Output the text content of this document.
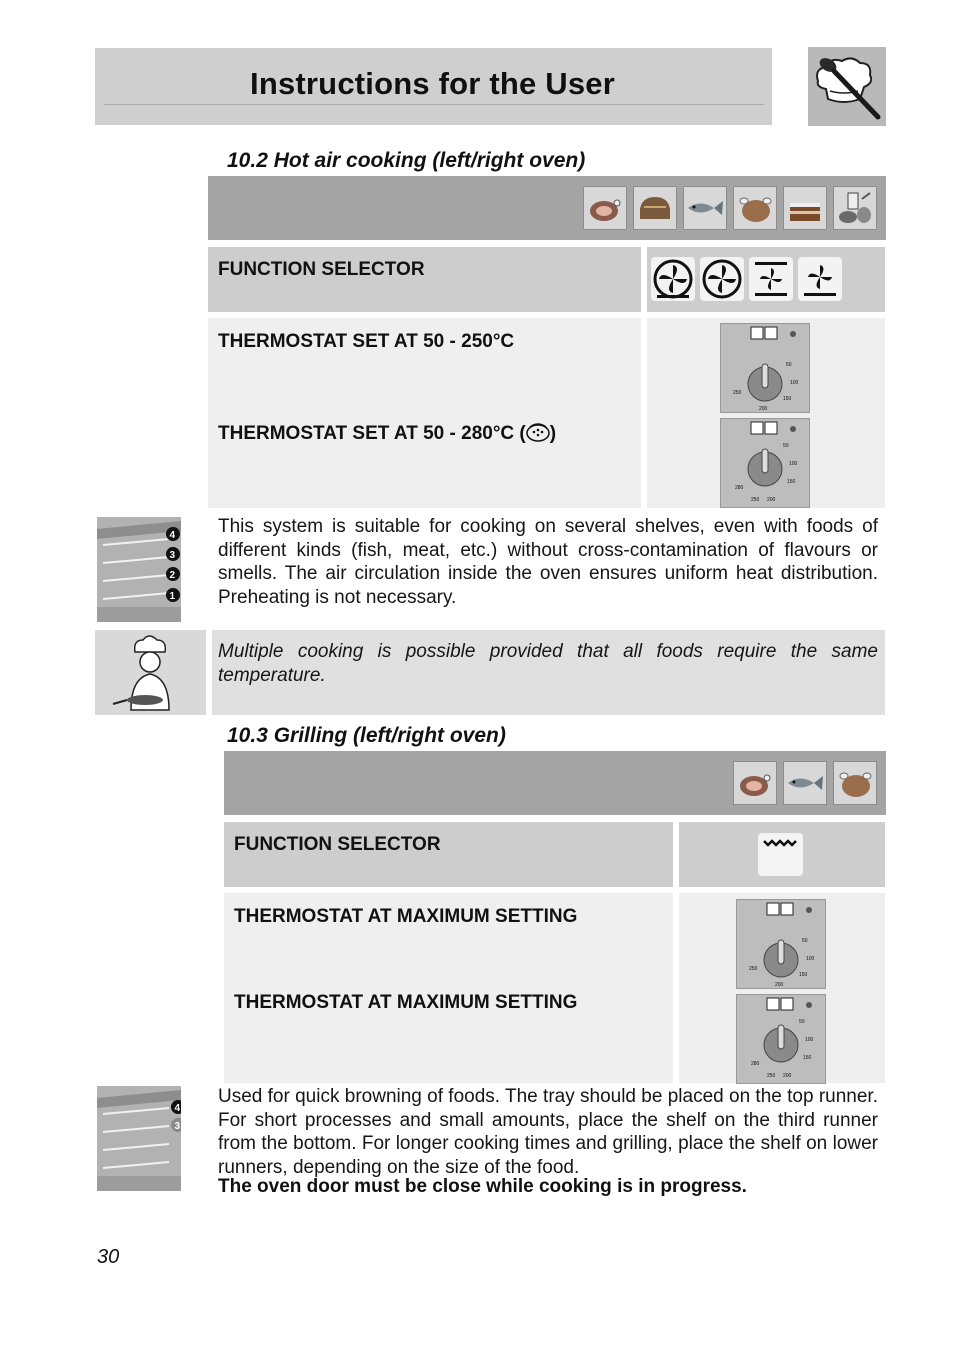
Instructions for the User
10.2 Hot air cooking (left/right oven)
FUNCTION SELECTOR
THERMOSTAT SET AT 50 - 250°C
THERMOSTAT SET AT 50 - 280°C ( )
50
100
150
200
250
50
100
150
200
250
280
4
3
2
1
This system is suitable for cooking on several shelves, even with foods of different kinds (fish, meat, etc.) without cross-contamination of flavours or smells. The air circulation inside the oven ensures uniform heat distribution. Preheating is not necessary.
Multiple cooking is possible provided that all foods require the same temperature.
10.3 Grilling (left/right oven)
FUNCTION SELECTOR
THERMOSTAT AT MAXIMUM SETTING
THERMOSTAT AT MAXIMUM SETTING
50
100
150
200
250
50
100
150
200
250
280
4
3
Used for quick browning of foods. The tray should be placed on the top runner. For short processes and small amounts, place the shelf on the third runner from the bottom. For longer cooking times and grilling, place the shelf on lower runners, depending on the size of the food.
The oven door must be close while cooking is in progress.
30
